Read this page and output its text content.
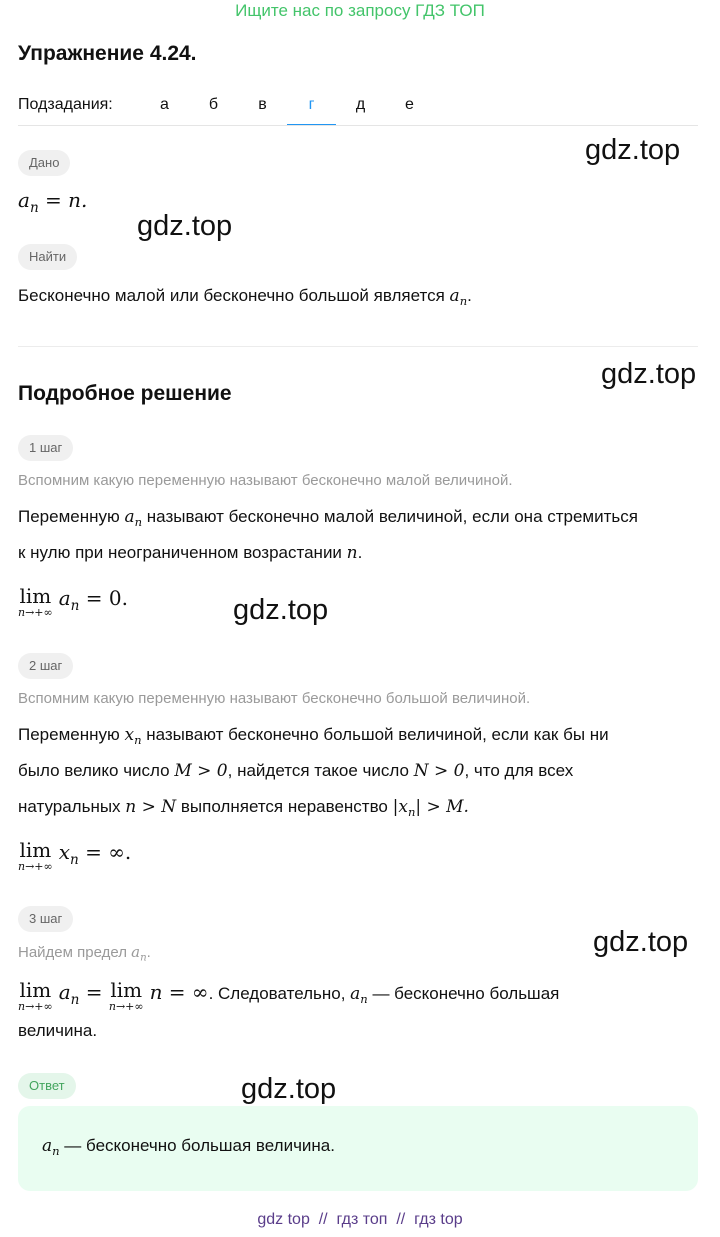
Ищите нас по запросу ГДЗ ТОП
Упражнение 4.24.
Подзадания:	а	б	в	г	д	е
Дано
$a_n = n$.
Найти
Бесконечно малой или бесконечно большой является $a_n$.
Подробное решение
1 шаг
Вспомним какую переменную называют бесконечно малой величиной.
Переменную $a_n$ называют бесконечно малой величиной, если она стремиться
к нулю при неограниченном возрастании n.
lim
n→+∞
$a_n = 0$.
2 шаг
Вспомним какую переменную называют бесконечно большой величиной.
Переменную $x_n$ называют бесконечно большой величиной, если как бы ни
было велико число M > 0, найдется такое число N > 0, что для всех
натуральных n > N выполняется неравенство $|x_n| > M$.
lim
n→+∞
$x_n$ = ∞.
3 шаг
Найдем предел $a_n$.
lim
n→+∞
$a_n = \lim$
n→+∞
n = ∞. Следовательно, $a_n$ — бесконечно большая
величина.
Ответ
$a_n$ — бесконечно большая величина.
gdz.top
gdz.top
gdz.top
gdz.top
gdz.top
gdz.top
gdz top // гдз топ // гдз top
